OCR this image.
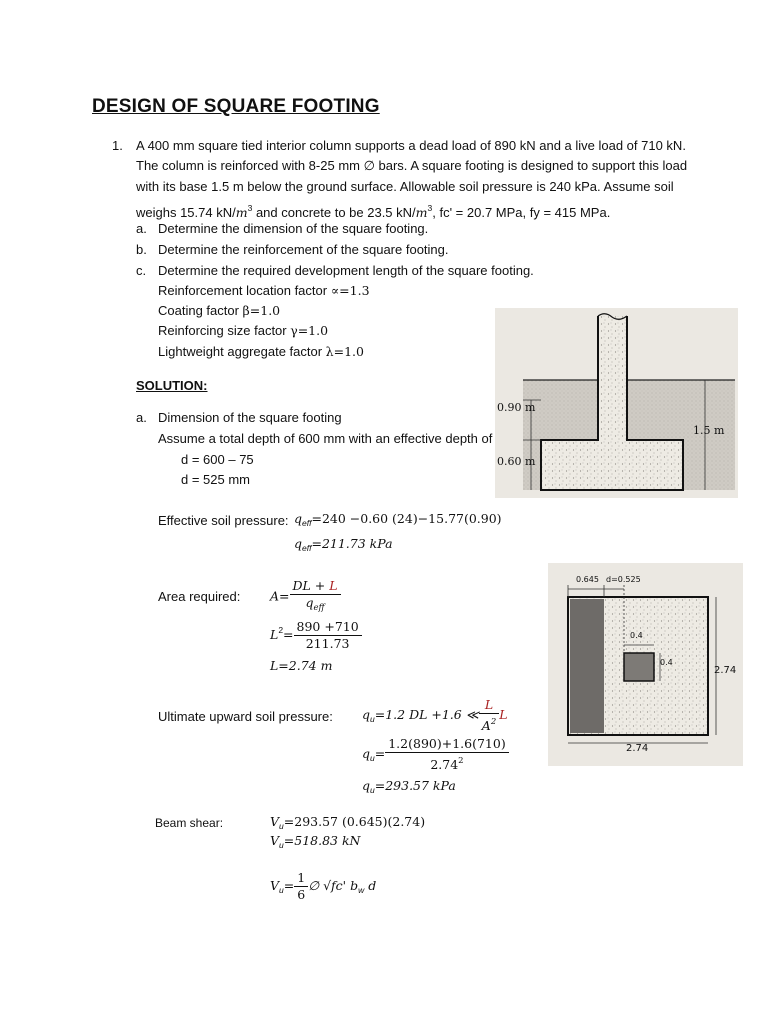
DESIGN OF SQUARE FOOTING
1. A 400 mm square tied interior column supports a dead load of 890 kN and a live load of 710 kN.
The column is reinforced with 8-25 mm ∅ bars. A square footing is designed to support this load
with its base 1.5 m below the ground surface. Allowable soil pressure is 240 kPa. Assume soil
weighs 15.74 $kN/m^3$ and concrete to be 23.5 $kN/m^3$, fc' = 20.7 MPa, fy = 415 MPa.
a. Determine the dimension of the square footing.
b. Determine the reinforcement of the square footing.
c. Determine the required development length of the square footing.
Reinforcement location factor ∝=1.3
Coating factor β=1.0
Reinforcing size factor γ=1.0
Lightweight aggregate factor λ=1.0
SOLUTION:
a. Dimension of the square footing
Assume a total depth of 600 mm with an effective depth of
d = 600 – 75
d = 525 mm
Effective soil pressure: $q_{eff}=240 -0.60$ (24)−15.77(0.90)
$q_{eff}=211.73$ kPa
Area required: $A= \frac{DL + L}{q_{eff}}$
$L^2= \frac{890 +710}{211.73}$
L=2.74 m
Ultimate upward soil pressure: $q_u=1.2$ DL +1.6 ≪ $\frac{L}{A^2}$ L
$q_u= \frac{1.2(890)+1.6(710)}{2.74^2}$
$q_u=293.57$ kPa
Beam shear:	$V_u=293.57$ (0.645)(2.74)
$V_u=518.83$ kN
$V_u= \frac{1}{6}$ ∅ √fc' $b_w$ d
0.90 m
0.60 m
1.5 m
0.645 d=0.525
0.4
0.4
2.74
2.74
